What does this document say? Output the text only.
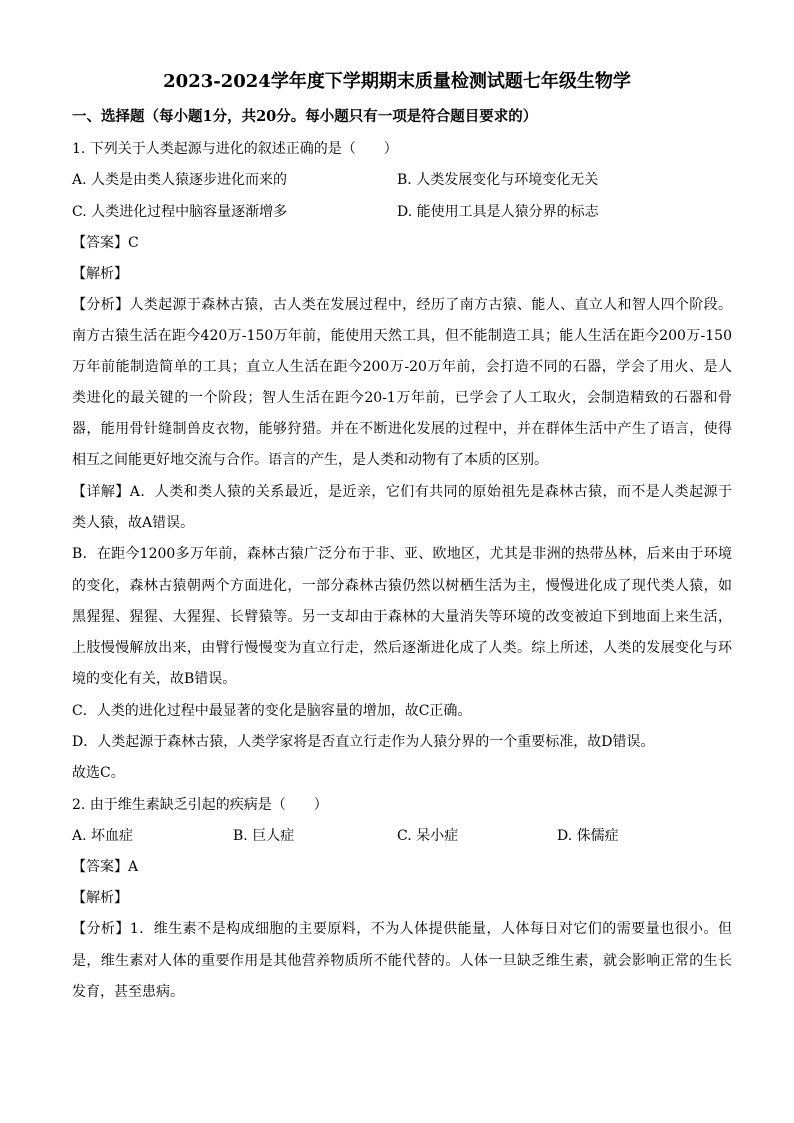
2023-2024学年度下学期期末质量检测试题七年级生物学
一、选择题（每小题1分，共20分。每小题只有一项是符合题目要求的）
1. 下列关于人类起源与进化的叙述正确的是（　　）
A. 人类是由类人猿逐步进化而来的	B. 人类发展变化与环境变化无关
C. 人类进化过程中脑容量逐渐增多	D. 能使用工具是人猿分界的标志
【答案】C
【解析】
【分析】人类起源于森林古猿，古人类在发展过程中，经历了南方古猿、能人、直立人和智人四个阶段。
南方古猿生活在距今420万-150万年前，能使用天然工具，但不能制造工具；能人生活在距今200万-150
万年前能制造简单的工具；直立人生活在距今200万-20万年前，会打造不同的石器，学会了用火、是人
类进化的最关键的一个阶段；智人生活在距今20-1万年前，已学会了人工取火，会制造精致的石器和骨
器，能用骨针缝制兽皮衣物，能够狩猎。并在不断进化发展的过程中，并在群体生活中产生了语言，使得
相互之间能更好地交流与合作。语言的产生，是人类和动物有了本质的区别。
【详解】A．人类和类人猿的关系最近，是近亲，它们有共同的原始祖先是森林古猿，而不是人类起源于
类人猿，故A错误。
B．在距今1200多万年前，森林古猿广泛分布于非、亚、欧地区，尤其是非洲的热带丛林，后来由于环境
的变化，森林古猿朝两个方面进化，一部分森林古猿仍然以树栖生活为主，慢慢进化成了现代类人猿，如
黑猩猩、猩猩、大猩猩、长臂猿等。另一支却由于森林的大量消失等环境的改变被迫下到地面上来生活，
上肢慢慢解放出来，由臂行慢慢变为直立行走，然后逐渐进化成了人类。综上所述，人类的发展变化与环
境的变化有关，故B错误。
C．人类的进化过程中最显著的变化是脑容量的增加，故C正确。
D．人类起源于森林古猿，人类学家将是否直立行走作为人猿分界的一个重要标准，故D错误。
故选C。
2. 由于维生素缺乏引起的疾病是（　　）
A. 坏血症	B. 巨人症	C. 呆小症	D. 侏儒症
【答案】A
【解析】
【分析】1．维生素不是构成细胞的主要原料，不为人体提供能量，人体每日对它们的需要量也很小。但
是，维生素对人体的重要作用是其他营养物质所不能代替的。人体一旦缺乏维生素，就会影响正常的生长
发育，甚至患病。
